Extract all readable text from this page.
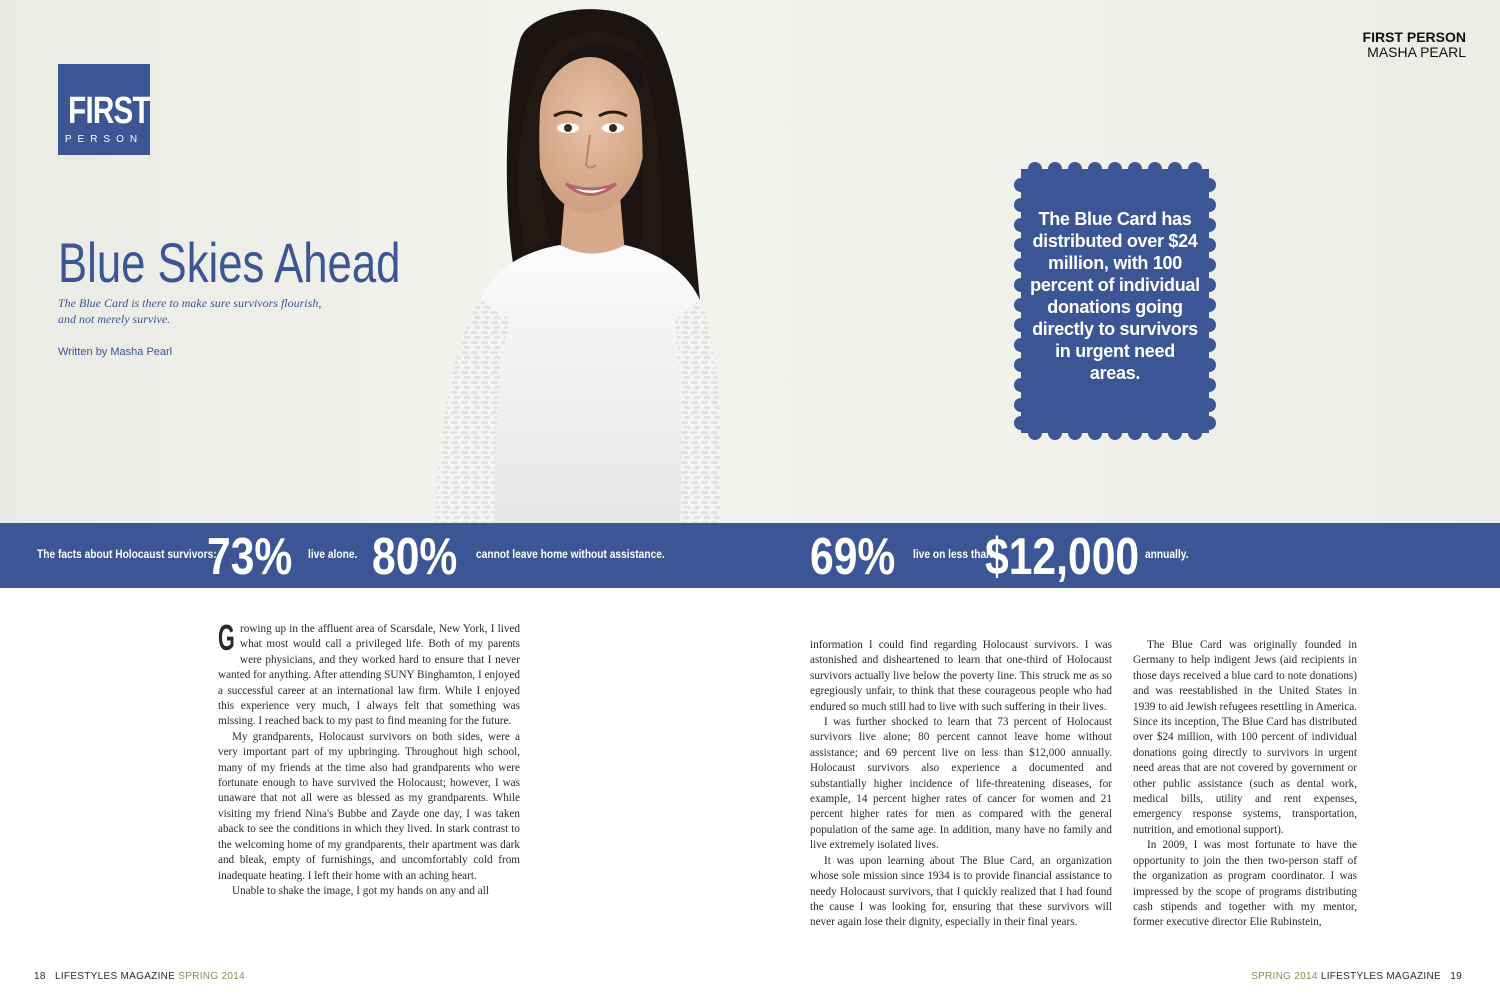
FIRST
PERSON
FIRST PERSON
MASHA PEARL
Blue Skies Ahead
The Blue Card is there to make sure survivors flourish, and not merely survive.
Written by Masha Pearl
The Blue Card has distributed over $24 million, with 100 percent of individual donations going directly to survivors in urgent need areas.
The facts about Holocaust survivors:
73% live alone. 80% cannot leave home without assistance.	69% live on less than
$12,000 annually.

Growing up in the affluent area of Scarsdale, New York, I lived what most would call a privileged life. Both of my parents were physicians, and they worked hard to ensure that I never wanted for anything. After attending SUNY Binghamton, I enjoyed a successful career at an international law firm. While I enjoyed this experience very much, I always felt that something was missing. I reached back to my past to find meaning for the future.

My grandparents, Holocaust survivors on both sides, were a very important part of my upbringing. Throughout high school, many of my friends at the time also had grandparents who were fortunate enough to have survived the Holocaust; however, I was unaware that not all were as blessed as my grandparents. While visiting my friend Nina's Bubbe and Zayde one day, I was taken aback to see the conditions in which they lived. In stark contrast to the welcoming home of my grandparents, their apartment was dark and bleak, empty of furnishings, and uncomfortably cold from inadequate heating. I left their home with an aching heart.

Unable to shake the image, I got my hands on any and all

information I could find regarding Holocaust survivors. I was astonished and disheartened to learn that one-third of Holocaust survivors actually live below the poverty line. This struck me as so egregiously unfair, to think that these courageous people who had endured so much still had to live with such suffering in their lives.

I was further shocked to learn that 73 percent of Holocaust survivors live alone; 80 percent cannot leave home without assistance; and 69 percent live on less than $12,000 annually. Holocaust survivors also experience a documented and substantially higher incidence of life-threatening diseases, for example, 14 percent higher rates of cancer for women and 21 percent higher rates for men as compared with the general population of the same age. In addition, many have no family and live extremely isolated lives.

It was upon learning about The Blue Card, an organization whose sole mission since 1934 is to provide financial assistance to needy Holocaust survivors, that I quickly realized that I had found the cause I was looking for, ensuring that these survivors will never again lose their dignity, especially in their final years.

The Blue Card was originally founded in Germany to help indigent Jews (aid recipients in those days received a blue card to note donations) and was reestablished in the United States in 1939 to aid Jewish refugees resettling in America. Since its inception, The Blue Card has distributed over $24 million, with 100 percent of individual donations going directly to survivors in urgent need areas that are not covered by government or other public assistance (such as dental work, medical bills, utility and rent expenses, emergency response systems, transportation, nutrition, and emotional support).

In 2009, I was most fortunate to have the opportunity to join the then two-person staff of the organization as program coordinator. I was impressed by the scope of programs distributing cash stipends and together with my mentor, former executive director Elie Rubinstein,

18 LIFESTYLES MAGAZINE SPRING 2014	SPRING 2014 LIFESTYLES MAGAZINE 19
